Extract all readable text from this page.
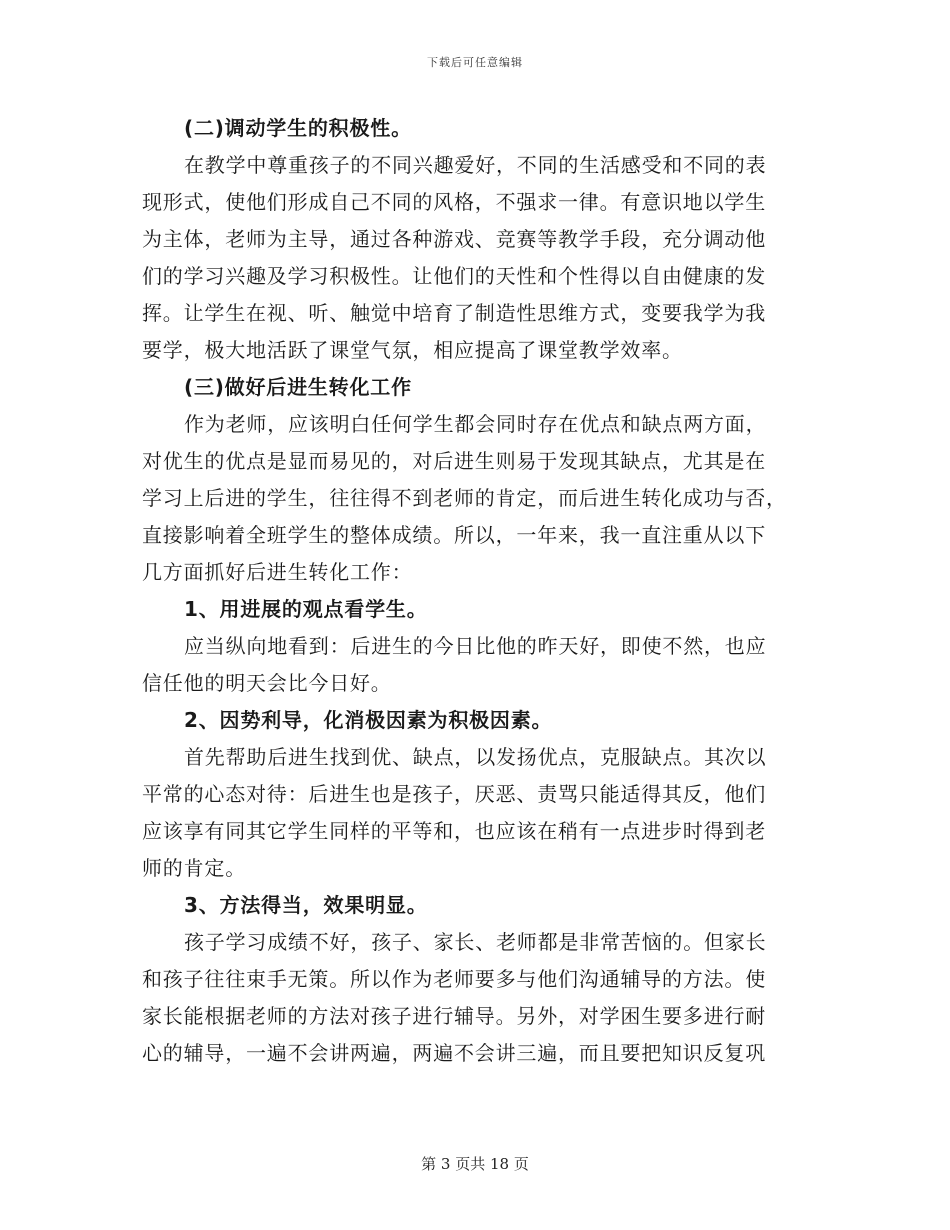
下载后可任意编辑
(二)调动学生的积极性。
在教学中尊重孩子的不同兴趣爱好，不同的生活感受和不同的表
现形式，使他们形成自己不同的风格，不强求一律。有意识地以学生
为主体，老师为主导，通过各种游戏、竞赛等教学手段，充分调动他
们的学习兴趣及学习积极性。让他们的天性和个性得以自由健康的发
挥。让学生在视、听、触觉中培育了制造性思维方式，变要我学为我
要学，极大地活跃了课堂气氛，相应提高了课堂教学效率。
(三)做好后进生转化工作
作为老师，应该明白任何学生都会同时存在优点和缺点两方面，
对优生的优点是显而易见的，对后进生则易于发现其缺点，尤其是在
学习上后进的学生，往往得不到老师的肯定，而后进生转化成功与否，
直接影响着全班学生的整体成绩。所以，一年来，我一直注重从以下
几方面抓好后进生转化工作：
1、用进展的观点看学生。
应当纵向地看到：后进生的今日比他的昨天好，即使不然，也应
信任他的明天会比今日好。
2、因势利导，化消极因素为积极因素。
首先帮助后进生找到优、缺点，以发扬优点，克服缺点。其次以
平常的心态对待：后进生也是孩子，厌恶、责骂只能适得其反，他们
应该享有同其它学生同样的平等和，也应该在稍有一点进步时得到老
师的肯定。
3、方法得当，效果明显。
孩子学习成绩不好，孩子、家长、老师都是非常苦恼的。但家长
和孩子往往束手无策。所以作为老师要多与他们沟通辅导的方法。使
家长能根据老师的方法对孩子进行辅导。另外，对学困生要多进行耐
心的辅导，一遍不会讲两遍，两遍不会讲三遍，而且要把知识反复巩
第 3 页共 18 页
